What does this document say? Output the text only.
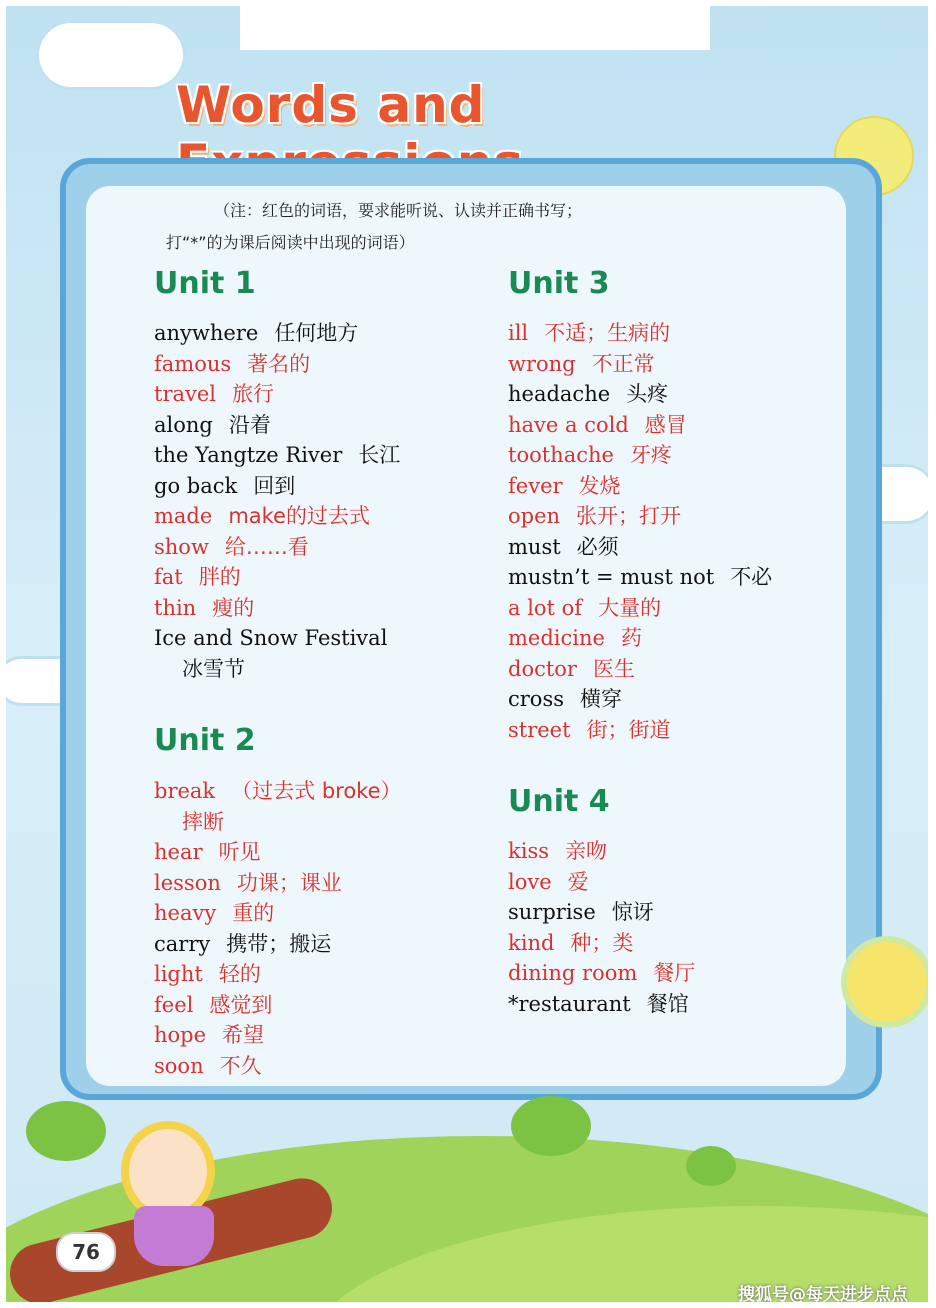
Words and
（注：红色的词语，要求能听说、认读并正确书写；
打“*”的为课后阅读中出现的词语）
Unit 1
anywhere 任何地方
famous 著名的
travel 旅行
along 沿着
the Yangtze River 长江
go back 回到
made make的过去式
show 给……看
fat 胖的
thin 瘦的
Ice and Snow Festival
冰雪节
Unit 2
break （过去式 broke）
摔断
hear 听见
lesson 功课；课业
heavy 重的
carry 携带；搬运
light 轻的
feel 感觉到
hope 希望
soon 不久
Unit 3
ill 不适；生病的
wrong 不正常
headache 头疼
have a cold 感冒
toothache 牙疼
fever 发烧
open 张开；打开
must 必须
mustn’t = must not 不必
a lot of 大量的
medicine 药
doctor 医生
cross 横穿
street 街；街道
Unit 4
kiss 亲吻
love 爱
surprise 惊讶
kind 种；类
dining room 餐厅
*restaurant 餐馆
76
搜狐号@每天进步点点
